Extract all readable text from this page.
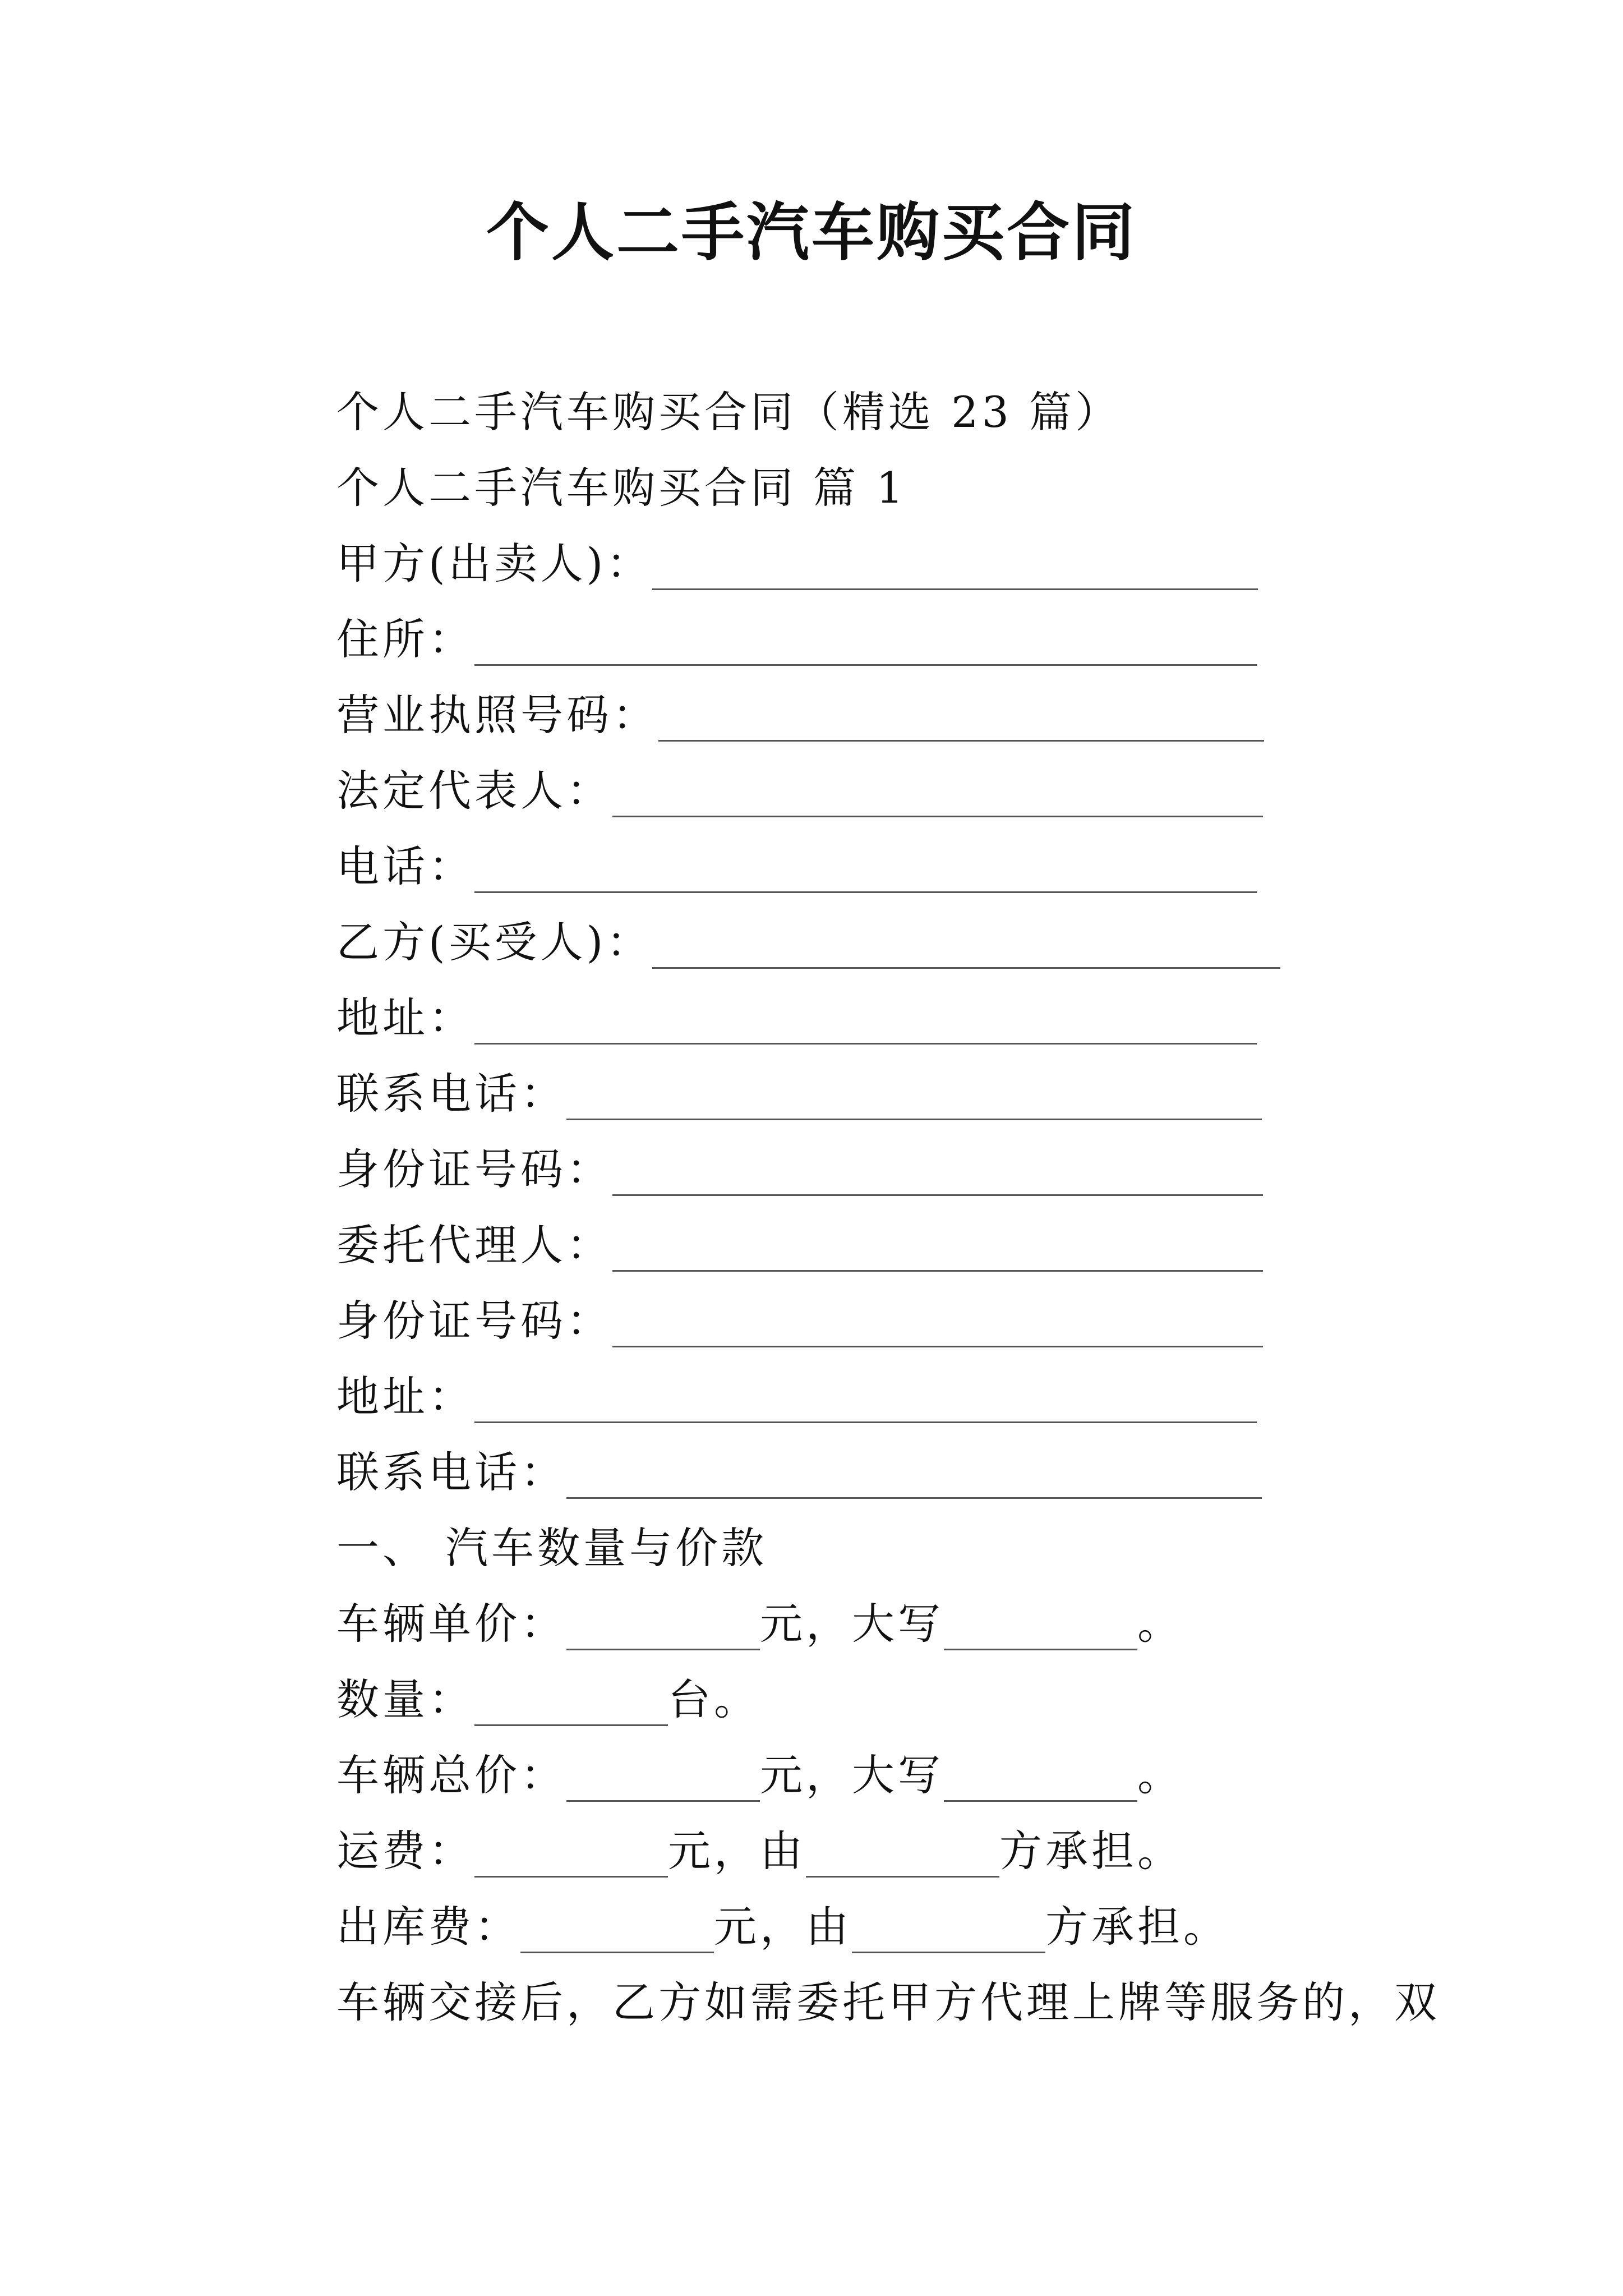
个人二手汽车购买合同
个人二手汽车购买合同（精选 23 篇）
个人二手汽车购买合同 篇 1
甲方(出卖人)：
住所：
营业执照号码：
法定代表人：
电话：
乙方(买受人)：
地址：
联系电话：
身份证号码：
委托代理人：
身份证号码：
地址：
联系电话：
一、 汽车数量与价款
车辆单价：	元，大写	。
数量：	台。
车辆总价：	元，大写	。
运费：	元，由	方承担。
出库费：	元，由	方承担。
车辆交接后，乙方如需委托甲方代理上牌等服务的，双
